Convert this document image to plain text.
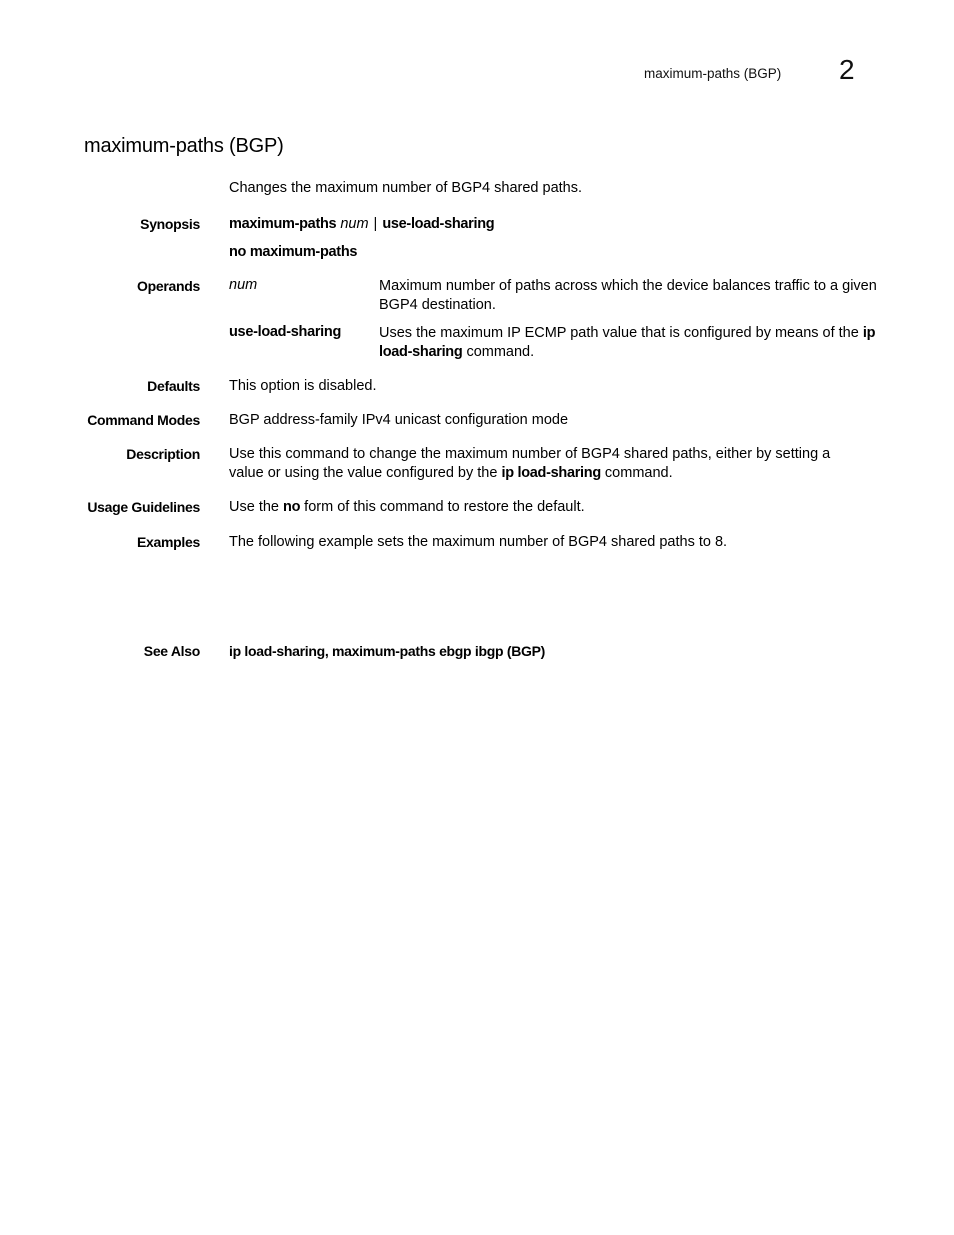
maximum-paths (BGP) 2
maximum-paths (BGP)
Changes the maximum number of BGP4 shared paths.
Synopsis maximum-paths num | use-load-sharing
no maximum-paths
Operands num	Maximum number of paths across which the device balances traffic to a given BGP4 destination.
use-load-sharing	Uses the maximum IP ECMP path value that is configured by means of the ip load-sharing command.
Defaults This option is disabled.
Command Modes BGP address-family IPv4 unicast configuration mode
Description Use this command to change the maximum number of BGP4 shared paths, either by setting a value or using the value configured by the ip load-sharing command.
Usage Guidelines Use the no form of this command to restore the default.
Examples The following example sets the maximum number of BGP4 shared paths to 8.
See Also ip load-sharing, maximum-paths ebgp ibgp (BGP)
